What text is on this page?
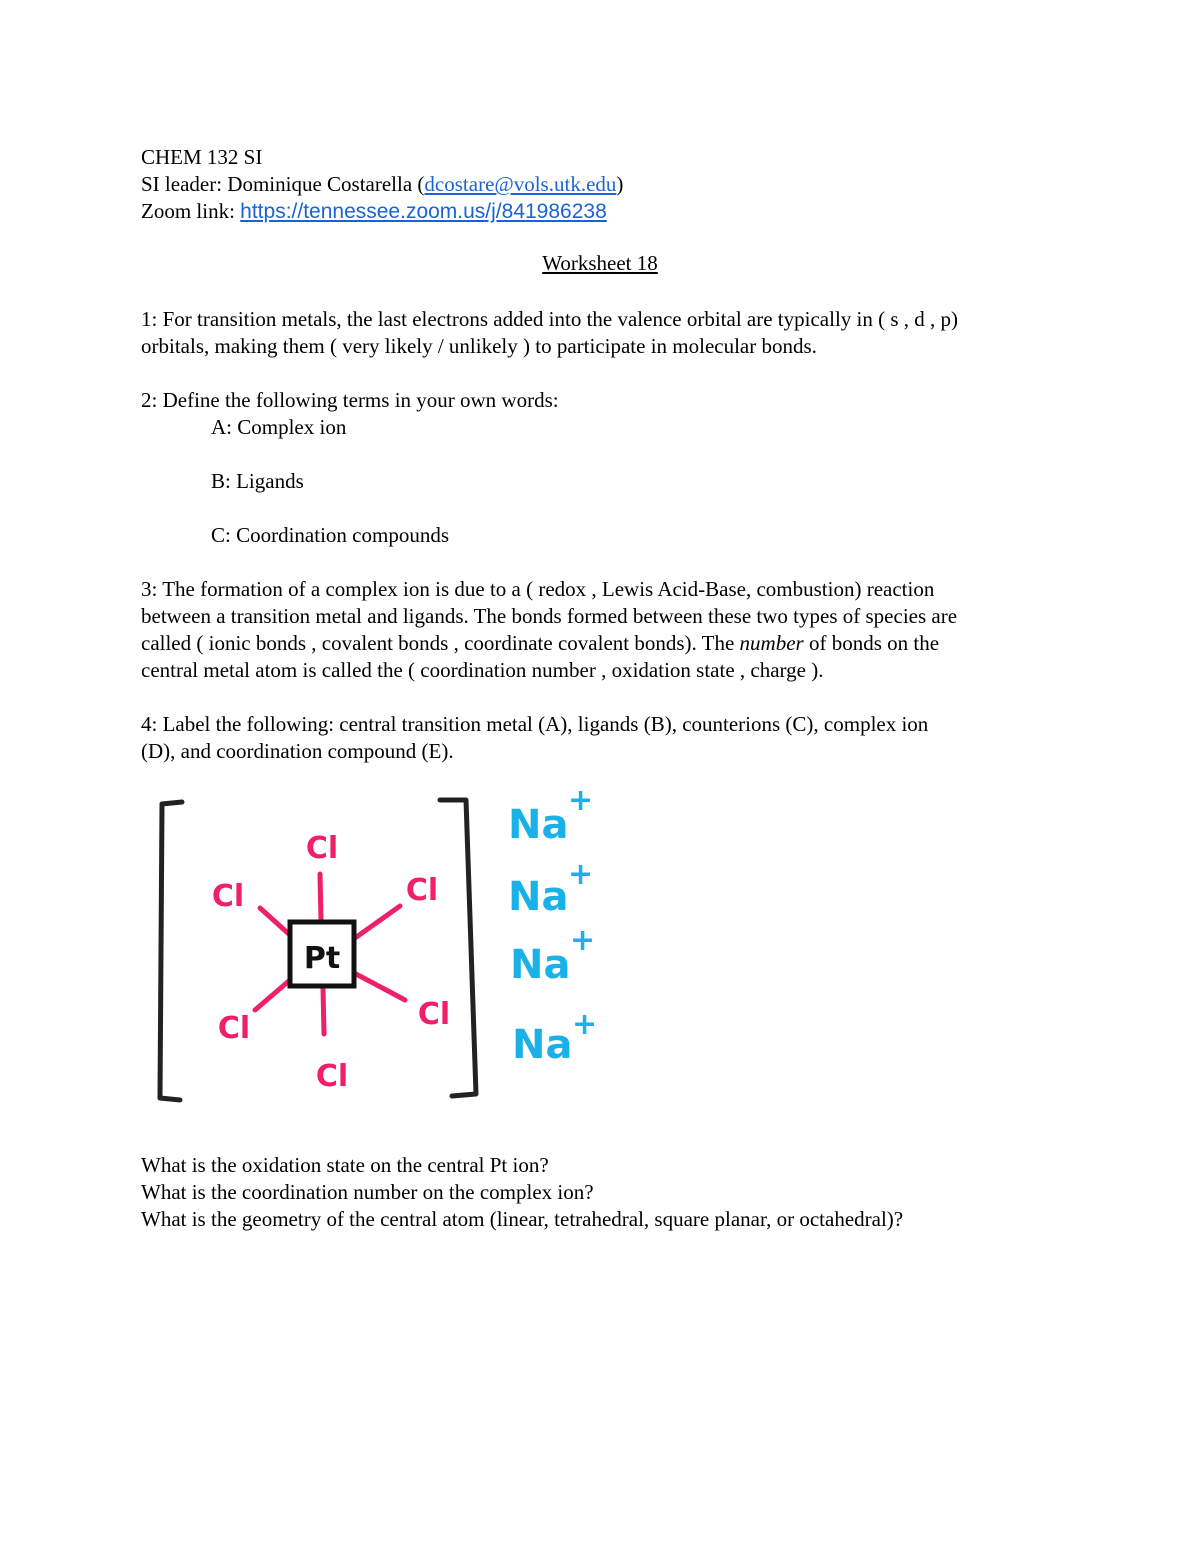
CHEM 132 SI
SI leader: Dominique Costarella (dcostare@vols.utk.edu)
Zoom link: https://tennessee.zoom.us/j/841986238
Worksheet 18
1: For transition metals, the last electrons added into the valence orbital are typically in ( s , d , p)
orbitals, making them ( very likely / unlikely ) to participate in molecular bonds.
2: Define the following terms in your own words:
A: Complex ion
B: Ligands
C: Coordination compounds
3: The formation of a complex ion is due to a ( redox , Lewis Acid-Base, combustion) reaction
between a transition metal and ligands. The bonds formed between these two types of species are
called ( ionic bonds , covalent bonds , coordinate covalent bonds). The number of bonds on the
central metal atom is called the ( coordination number , oxidation state , charge ).
4: Label the following: central transition metal (A), ligands (B), counterions (C), complex ion
(D), and coordination compound (E).
Pt
Cl
Cl	Cl
Cl	Cl
Cl
Na
+
Na +
Na
+
Na +
What is the oxidation state on the central Pt ion?
What is the coordination number on the complex ion?
What is the geometry of the central atom (linear, tetrahedral, square planar, or octahedral)?
